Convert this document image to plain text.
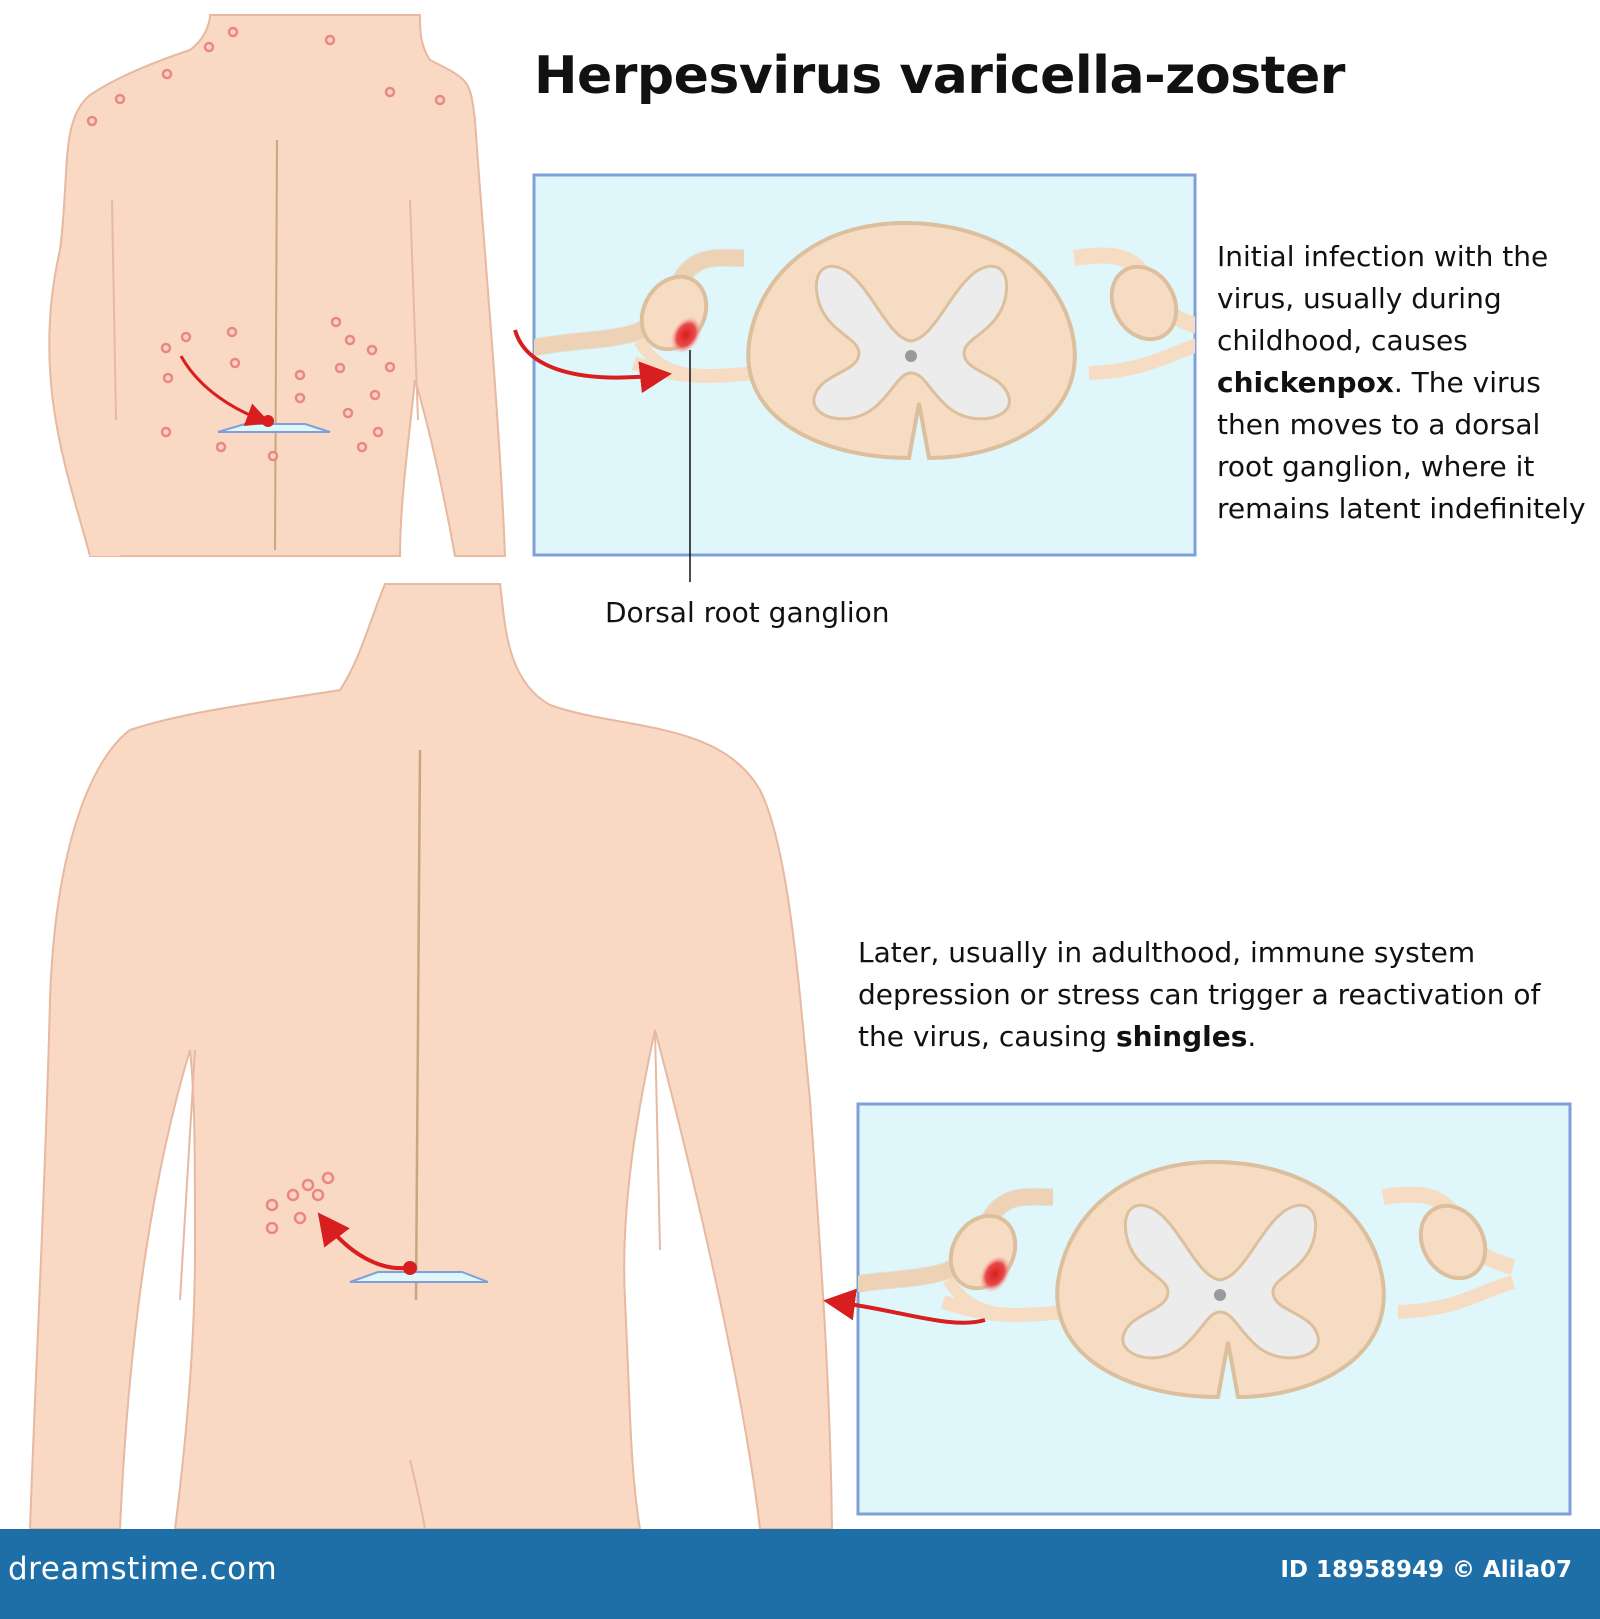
Herpesvirus varicella-zoster

Initial infection with the virus, usually during childhood, causes chickenpox. The virus then moves to a dorsal root ganglion, where it remains latent indefinitely

Dorsal root ganglion

Later, usually in adulthood, immune system depression or stress can trigger a reactivation of the virus, causing shingles.

dreamstime.com	ID 18958949 © Alila07
